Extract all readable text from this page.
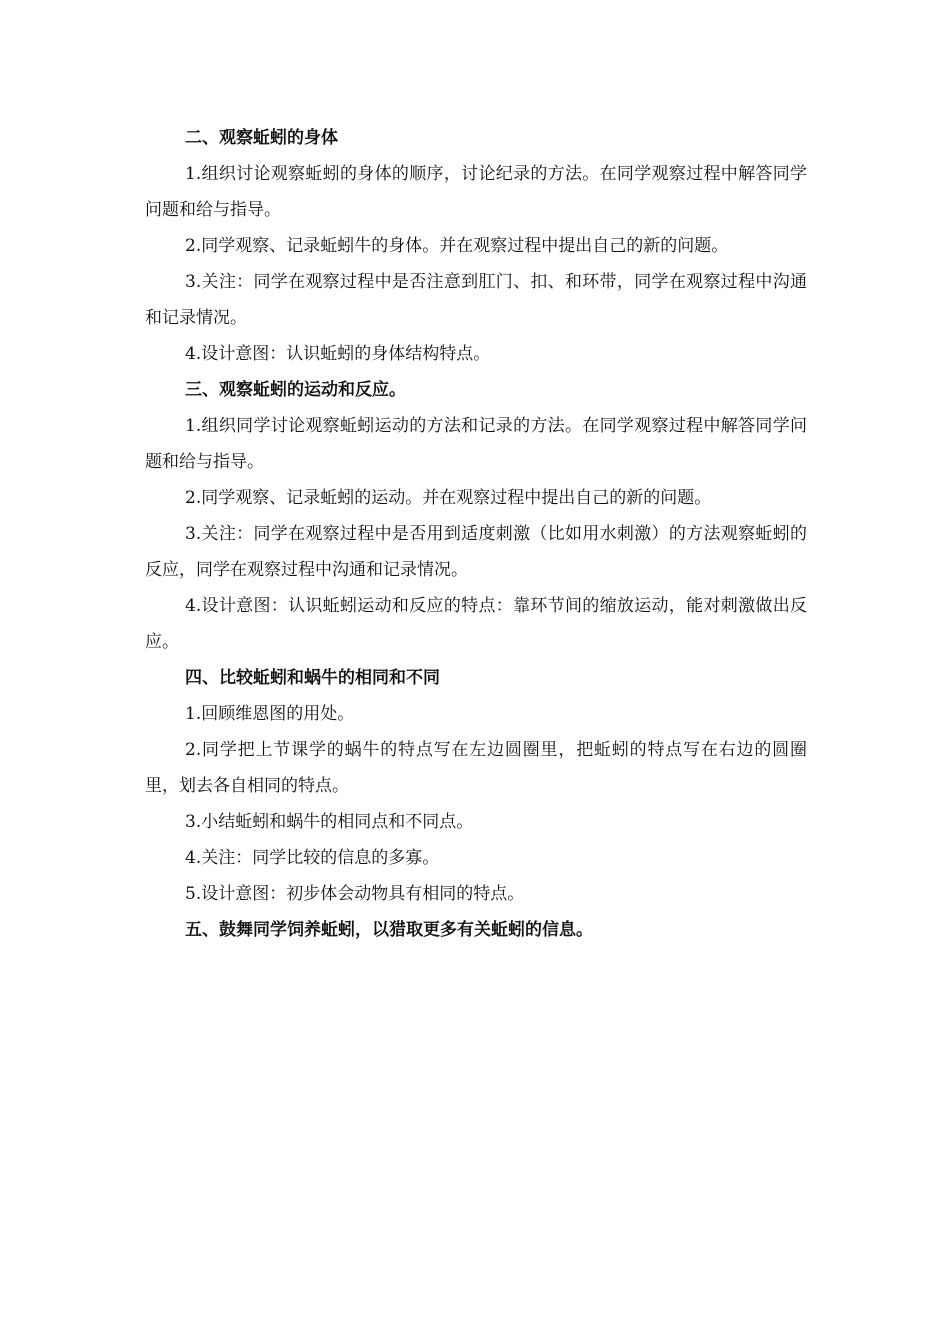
二、观察蚯蚓的身体

1.组织讨论观察蚯蚓的身体的顺序，讨论纪录的方法。在同学观察过程中解答同学问题和给与指导。

2.同学观察、记录蚯蚓牛的身体。并在观察过程中提出自己的新的问题。

3.关注：同学在观察过程中是否注意到肛门、扣、和环带，同学在观察过程中沟通和记录情况。

4.设计意图：认识蚯蚓的身体结构特点。

三、观察蚯蚓的运动和反应。

1.组织同学讨论观察蚯蚓运动的方法和记录的方法。在同学观察过程中解答同学问题和给与指导。

2.同学观察、记录蚯蚓的运动。并在观察过程中提出自己的新的问题。

3.关注：同学在观察过程中是否用到适度刺激（比如用水刺激）的方法观察蚯蚓的反应，同学在观察过程中沟通和记录情况。

4.设计意图：认识蚯蚓运动和反应的特点：靠环节间的缩放运动，能对刺激做出反应。

四、比较蚯蚓和蜗牛的相同和不同

1.回顾维恩图的用处。

2.同学把上节课学的蜗牛的特点写在左边圆圈里，把蚯蚓的特点写在右边的圆圈里，划去各自相同的特点。

3.小结蚯蚓和蜗牛的相同点和不同点。

4.关注：同学比较的信息的多寡。

5.设计意图：初步体会动物具有相同的特点。

五、鼓舞同学饲养蚯蚓，以猎取更多有关蚯蚓的信息。
